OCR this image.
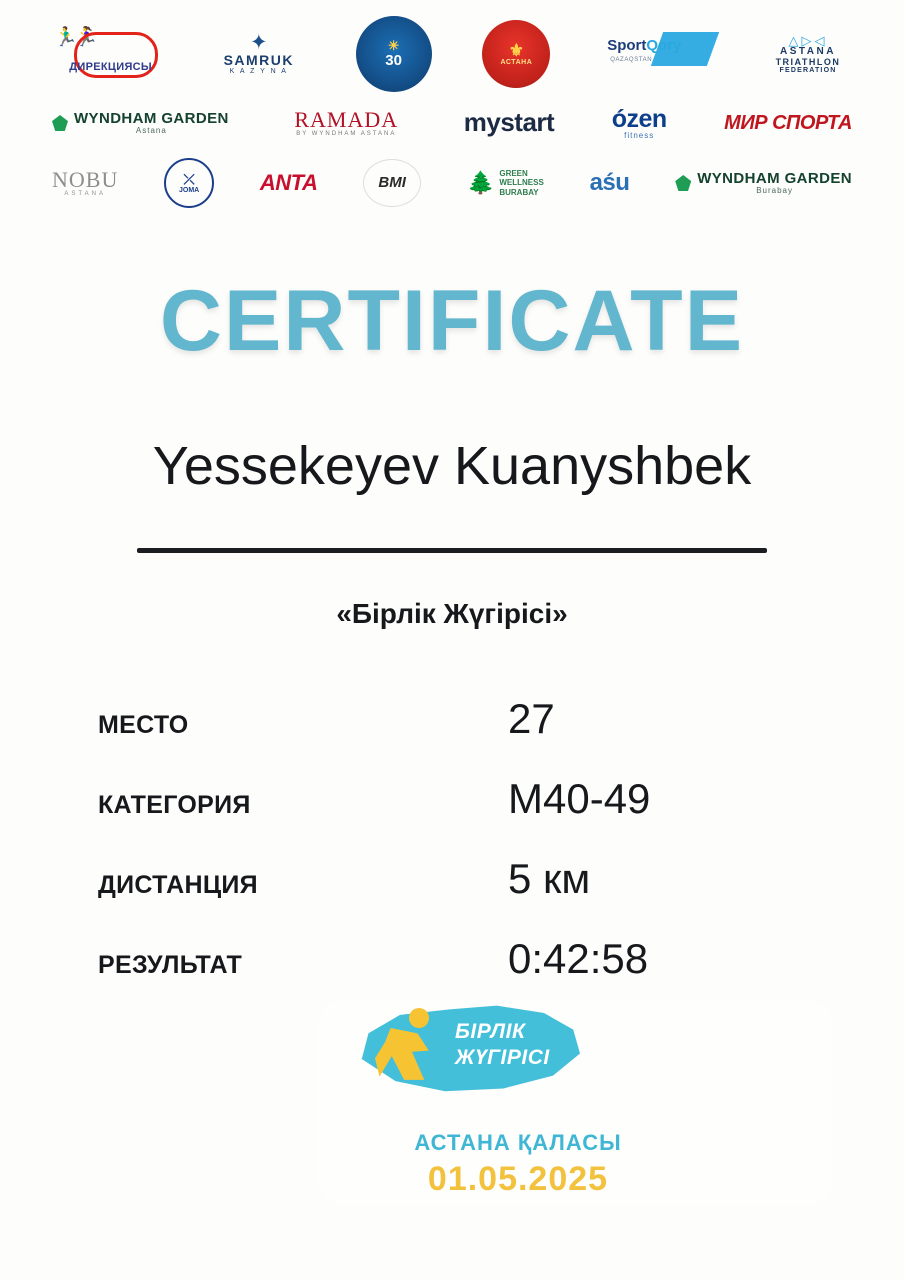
🏃‍♂️🏃‍♀️
ДИРЕКЦИЯСЫ
✦
SAMRUK
K A Z Y N A
☀
30
⚜
АСТАНА
SportQory
QAZAQSTAN
△▷◁
ASTANA
TRIATHLON
FEDERATION
WYNDHAM GARDEN
Astana	RAMADA
BY WYNDHAM ASTANA	mystart ózen
fitness
МИР СПОРТА
NOBU
ASTANA
⤫
JOMA	ANTA	BMI	🌲 GREEN
WELLNESS
BURABAY aśu	WYNDHAM GARDEN
Burabay
CERTIFICATE
Yessekeyev Kuanyshbek
«Бірлік Жүгірісі»
МЕСТО	27
КАТЕГОРИЯ	M40-49
ДИСТАНЦИЯ	5 км
РЕЗУЛЬТАТ	0:42:58
БІРЛІК
ЖҮГІРІСІ
АСТАНА ҚАЛАСЫ
01.05.2025
